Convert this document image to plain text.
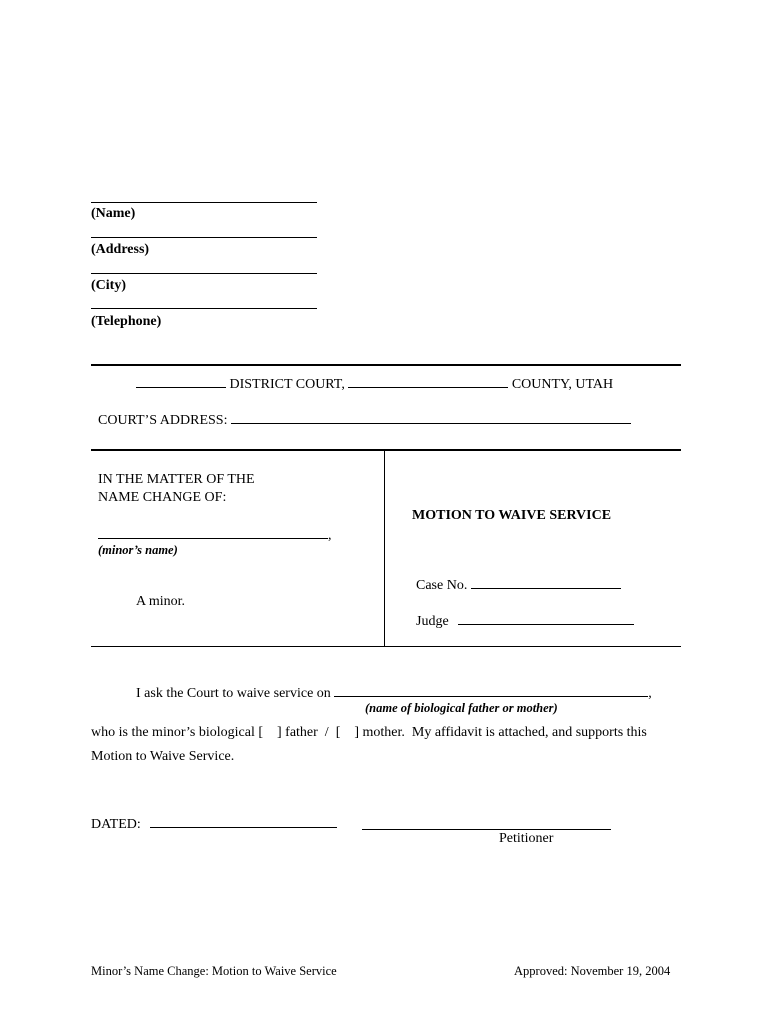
(Name)
(Address)
(City)
(Telephone)
DISTRICT COURT,	COUNTY, UTAH
COURT’S ADDRESS:
IN THE MATTER OF THE
NAME CHANGE OF:
,
(minor’s name)
A minor.
MOTION TO WAIVE SERVICE
Case No.
Judge
I ask the Court to waive service on	,
(name of biological father or mother)
who is the minor’s biological [    ] father  /  [    ] mother.  My affidavit is attached, and supports this
Motion to Waive Service.
DATED:
Petitioner
Minor’s Name Change: Motion to Waive Service	Approved: November 19, 2004
